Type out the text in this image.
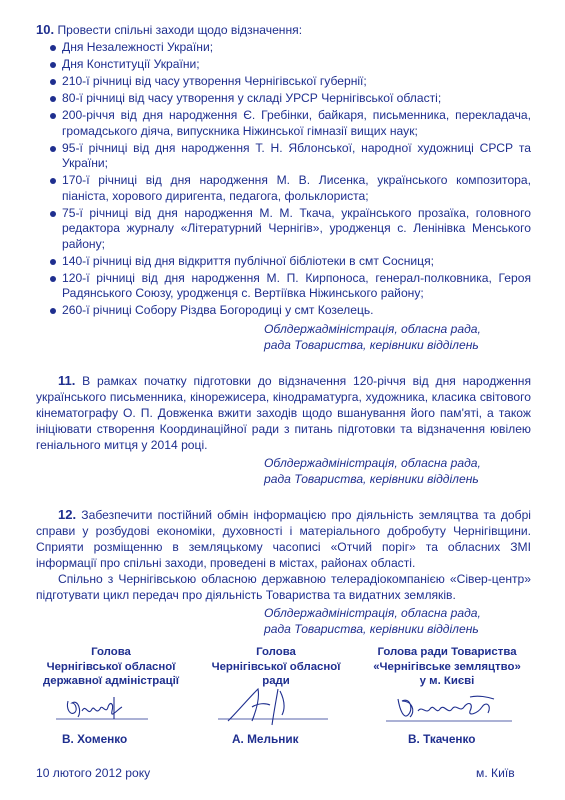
10. Провести спільні заходи щодо відзначення:
Дня Незалежності України;
Дня Конституції України;
210-ї річниці від часу утворення Чернігівської губернії;
80-ї річниці від часу утворення у складі УРСР Чернігівської області;
200-річчя від дня народження Є. Гребінки, байкаря, письменника, перекладача, громадського діяча, випускника Ніжинської гімназії вищих наук;
95-ї річниці від дня народження Т. Н. Яблонської, народної художниці СРСР та України;
170-ї річниці від дня народження М. В. Лисенка, українського композитора, піаніста, хорового диригента, педагога, фольклориста;
75-ї річниці від дня народження М. М. Ткача, українського прозаїка, головного редактора журналу «Літературний Чернігів», уродженця с. Ленінівка Менського району;
140-ї річниці від дня відкриття публічної бібліотеки в смт Сосниця;
120-ї річниці від дня народження М. П. Кирпоноса, генерал-полковника, Героя Радянського Союзу, уродженця с. Вертіївка Ніжинського району;
260-ї річниці Собору Різдва Богородиці у смт Козелець.
Облдержадміністрація, обласна рада,
рада Товариства, керівники відділень

11. В рамках початку підготовки до відзначення 120-річчя від дня народження українського письменника, кінорежисера, кінодраматурга, художника, класика світового кінематографу О. П. Довженка вжити заходів щодо вшанування його пам'яті, а також ініціювати створення Координаційної ради з питань підготовки та відзначення ювілею геніального митця у 2014 році.

Облдержадміністрація, обласна рада,
рада Товариства, керівники відділень

12. Забезпечити постійний обмін інформацією про діяльність земляцтва та добрі справи у розбудові економіки, духовності і матеріального добробуту Чернігівщини. Сприяти розміщенню в земляцькому часописі «Отчий поріг» та обласних ЗМІ інформації про спільні заходи, проведені в містах, районах області.

Спільно з Чернігівською обласною державною телерадіокомпанією «Сівер-центр» підготувати цикл передач про діяльність Товариства та видатних земляків.

Облдержадміністрація, обласна рада,
рада Товариства, керівники відділень
Голова
Чернігівської обласної
державної адміністрації
В. Хоменко
Голова
Чернігівської обласної
ради
А. Мельник
Голова ради Товариства
«Чернігівське земляцтво»
у м. Києві
В. Ткаченко
10 лютого 2012 року	м. Київ
